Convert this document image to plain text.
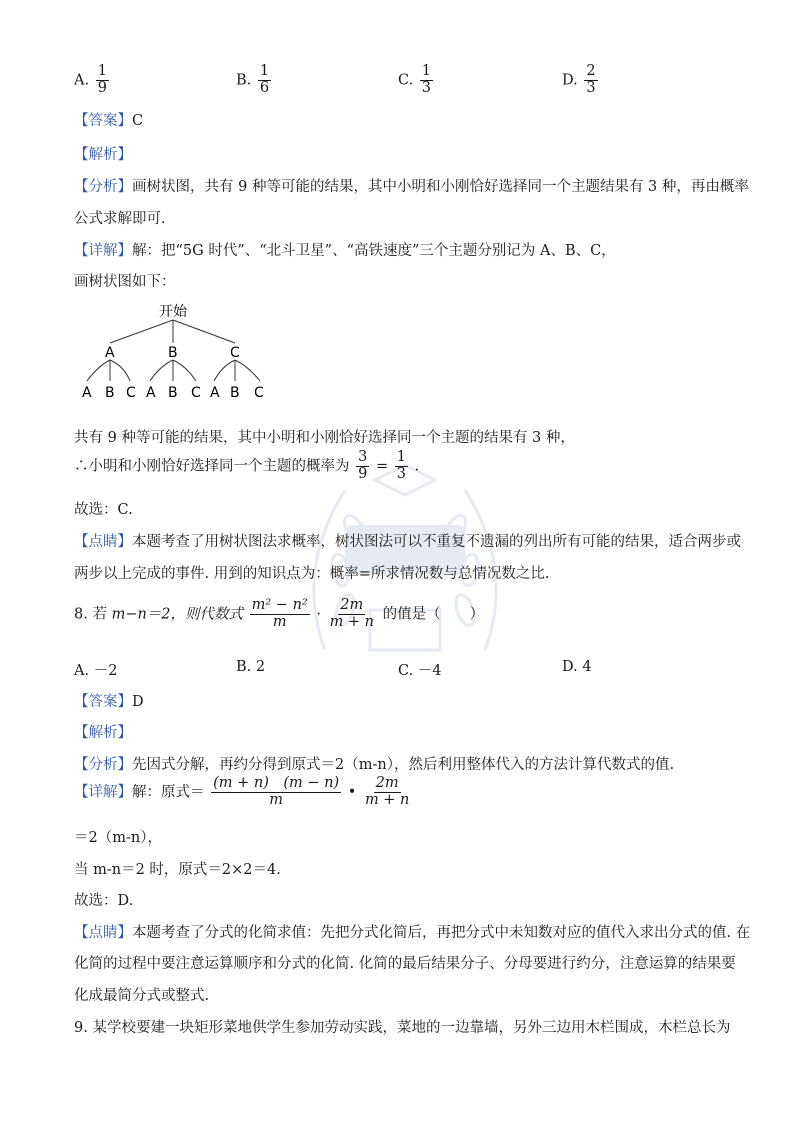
A. $\frac{1}{9}$	B. $\frac{1}{6}$	C. $\frac{1}{3}$	D. $\frac{2}{3}$
【答案】C
【解析】
【分析】画树状图，共有 9 种等可能的结果，其中小明和小刚恰好选择同一个主题结果有 3 种，再由概率
公式求解即可.
【详解】解：把“5G 时代”、“北斗卫星”、“高铁速度”三个主题分别记为 A、B、C，
画树状图如下：
开始
A	B	C
A B C A B C A B C
共有 9 种等可能的结果，其中小明和小刚恰好选择同一个主题的结果有 3 种，
∴小明和小刚恰好选择同一个主题的概率为 $\frac{3}{9} = \frac{1}{3}$ .
故选：C.
【点睛】本题考查了用树状图法求概率，树状图法可以不重复不遗漏的列出所有可能的结果，适合两步或
两步以上完成的事件. 用到的知识点为：概率=所求情况数与总情况数之比.
8. 若 m−n＝2，则代数式 $\frac{\text{m² − n²}}{m} \cdot \frac{2m}{m + n}$ 的值是（　　）
A. －2	B. 2	C. －4	D. 4
【答案】D
【解析】
【分析】先因式分解，再约分得到原式＝2（m-n），然后利用整体代入的方法计算代数式的值.
【详解】解：原式＝ $\frac{(m + n) (m - n)}{m}$ • $\frac{2m}{m + n}$
＝2（m-n），
当 m-n＝2 时，原式＝2×2＝4.
故选：D.
【点睛】本题考查了分式的化简求值：先把分式化简后，再把分式中未知数对应的值代入求出分式的值. 在
化简的过程中要注意运算顺序和分式的化简. 化简的最后结果分子、分母要进行约分，注意运算的结果要
化成最简分式或整式.
9. 某学校要建一块矩形菜地供学生参加劳动实践，菜地的一边靠墙，另外三边用木栏围成，木栏总长为
